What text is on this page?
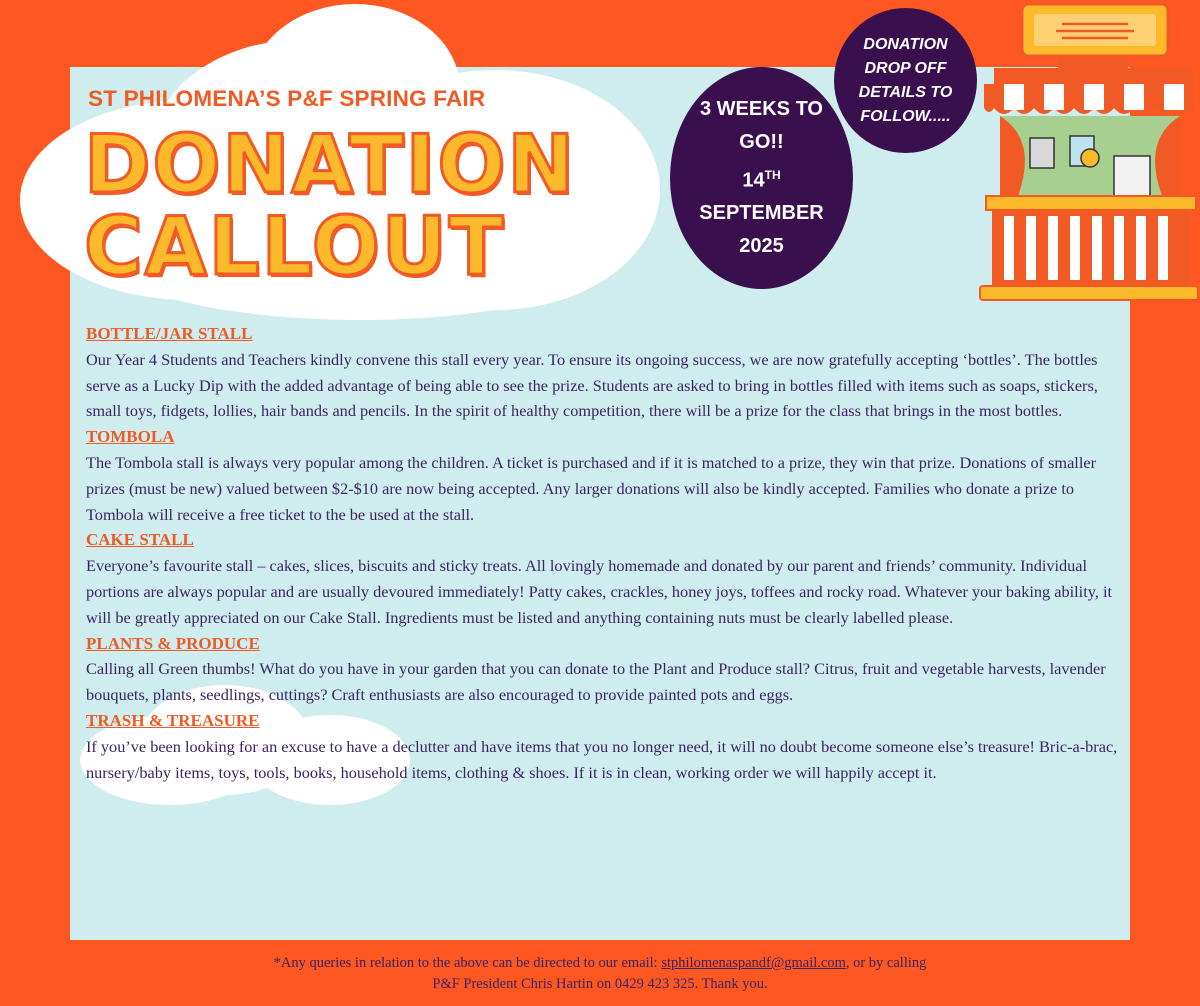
ST PHILOMENA’S P&F SPRING FAIR
DONATION
CALLOUT
3 WEEKS TO
GO!!
14TH
SEPTEMBER
2025
DONATION
DROP OFF
DETAILS TO
FOLLOW.....
BOTTLE/JAR STALL

Our Year 4 Students and Teachers kindly convene this stall every year. To ensure its ongoing success, we are now gratefully accepting ‘bottles’. The bottles serve as a Lucky Dip with the added advantage of being able to see the prize. Students are asked to bring in bottles filled with items such as soaps, stickers, small toys, fidgets, lollies, hair bands and pencils. In the spirit of healthy competition, there will be a prize for the class that brings in the most bottles.

TOMBOLA

The Tombola stall is always very popular among the children. A ticket is purchased and if it is matched to a prize, they win that prize. Donations of smaller prizes (must be new) valued between $2-$10 are now being accepted. Any larger donations will also be kindly accepted. Families who donate a prize to Tombola will receive a free ticket to the be used at the stall.

CAKE STALL

Everyone’s favourite stall – cakes, slices, biscuits and sticky treats. All lovingly homemade and donated by our parent and friends’ community. Individual portions are always popular and are usually devoured immediately! Patty cakes, crackles, honey joys, toffees and rocky road. Whatever your baking ability, it will be greatly appreciated on our Cake Stall. Ingredients must be listed and anything containing nuts must be clearly labelled please.

PLANTS & PRODUCE

Calling all Green thumbs! What do you have in your garden that you can donate to the Plant and Produce stall? Citrus, fruit and vegetable harvests, lavender bouquets, plants, seedlings, cuttings? Craft enthusiasts are also encouraged to provide painted pots and eggs.

TRASH & TREASURE

If you’ve been looking for an excuse to have a declutter and have items that you no longer need, it will no doubt become someone else’s treasure! Bric-a-brac, nursery/baby items, toys, tools, books, household items, clothing & shoes. If it is in clean, working order we will happily accept it.

*Any queries in relation to the above can be directed to our email: stphilomenaspandf@gmail.com, or by calling
P&F President Chris Hartin on 0429 423 325. Thank you.
